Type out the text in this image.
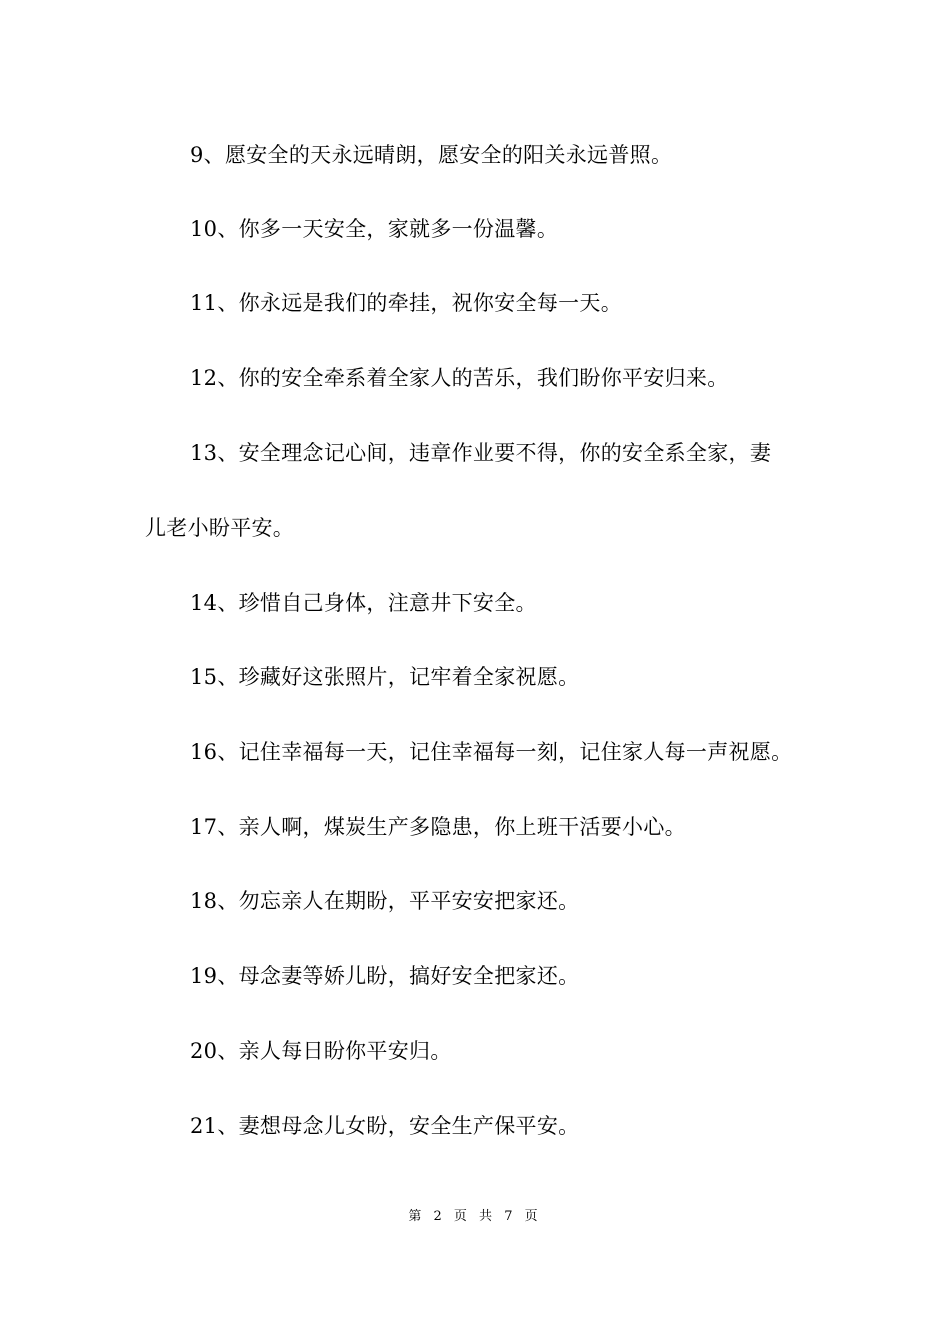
9、愿安全的天永远晴朗，愿安全的阳关永远普照。
10、你多一天安全，家就多一份温馨。
11、你永远是我们的牵挂，祝你安全每一天。
12、你的安全牵系着全家人的苦乐，我们盼你平安归来。
13、安全理念记心间，违章作业要不得，你的安全系全家，妻
儿老小盼平安。
14、珍惜自己身体，注意井下安全。
15、珍藏好这张照片，记牢着全家祝愿。
16、记住幸福每一天，记住幸福每一刻，记住家人每一声祝愿。
17、亲人啊，煤炭生产多隐患，你上班干活要小心。
18、勿忘亲人在期盼，平平安安把家还。
19、母念妻等娇儿盼，搞好安全把家还。
20、亲人每日盼你平安归。
21、妻想母念儿女盼，安全生产保平安。
第 2 页 共 7 页
